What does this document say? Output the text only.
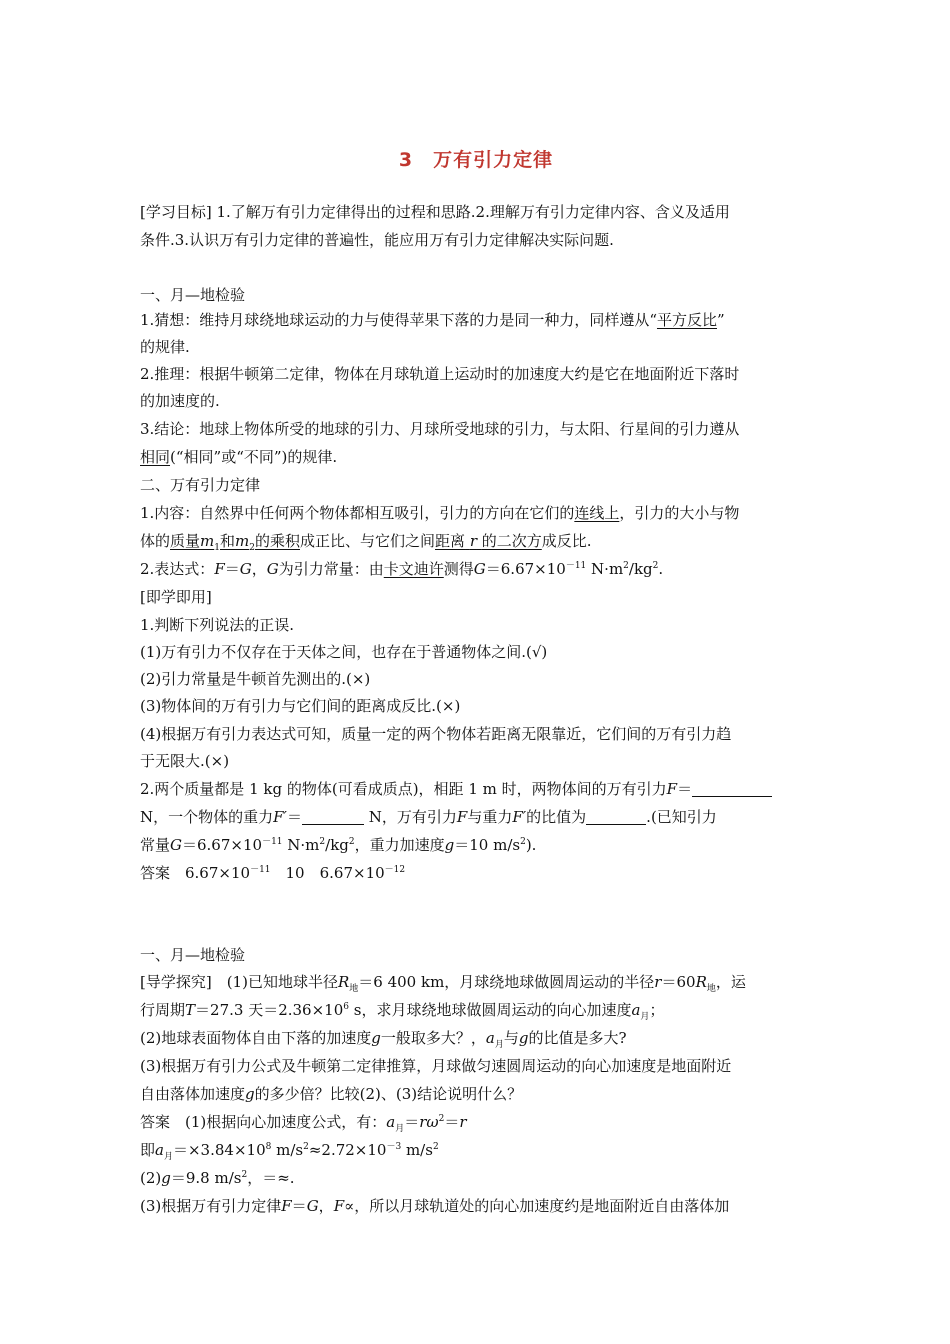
3　万有引力定律
[学习目标] 1.了解万有引力定律得出的过程和思路.2.理解万有引力定律内容、含义及适用
条件.3.认识万有引力定律的普遍性，能应用万有引力定律解决实际问题.
一、月—地检验
1.猜想：维持月球绕地球运动的力与使得苹果下落的力是同一种力，同样遵从“平方反比”
的规律.
2.推理：根据牛顿第二定律，物体在月球轨道上运动时的加速度大约是它在地面附近下落时
的加速度的.
3.结论：地球上物体所受的地球的引力、月球所受地球的引力，与太阳、行星间的引力遵从
相同(“相同”或“不同”)的规律.
二、万有引力定律
1.内容：自然界中任何两个物体都相互吸引，引力的方向在它们的连线上，引力的大小与物
体的质量$m_1$和$m_2$的乘积成正比、与它们之间距离 r 的二次方成反比.
2.表达式：F＝G，G为引力常量：由卡文迪许测得$G=6.67\times 10^{-11}$ $N\cdot m^2/kg^2$.
[即学即用]
1.判断下列说法的正误.
(1)万有引力不仅存在于天体之间，也存在于普通物体之间.(√)
(2)引力常量是牛顿首先测出的.(×)
(3)物体间的万有引力与它们间的距离成反比.(×)
(4)根据万有引力表达式可知，质量一定的两个物体若距离无限靠近，它们间的万有引力趋
于无限大.(×)
2.两个质量都是 1 kg 的物体(可看成质点)，相距 1 m 时，两物体间的万有引力F＝
N，一个物体的重力F′＝	N，万有引力F与重力F′的比值为	.(已知引力
常量$G=6.67\times 10^{-11}$ $N\cdot m^2/kg^2$，重力加速度g＝10 $m/s^2$).
答案　$6.67\times 10^{-11}$　10　$6.67\times 10^{-12}$
一、月—地检验
[导学探究]　(1)已知地球半径$R_地=6$ 400 km，月球绕地球做圆周运动的半径$r=60R_地$，运
行周期T＝27.3 天$=2.36\times 10^6$ s，求月球绕地球做圆周运动的向心加速度$a_月$；
(2)地球表面物体自由下落的加速度g一般取多大？，$a_月$与g的比值是多大?
(3)根据万有引力公式及牛顿第二定律推算，月球做匀速圆周运动的向心加速度是地面附近
自由落体加速度g的多少倍？比较(2)、(3)结论说明什么？
答案　(1)根据向心加速度公式，有：$a_月=r\omega^2=r$
即$a_月=\times 3.84\times 10^8$ $m/s^2\approx 2.72\times 10^{-3}$ $m/s^2$
(2)g＝9.8 $m/s^2$，＝≈.
(3)根据万有引力定律F＝G，F∝，所以月球轨道处的向心加速度约是地面附近自由落体加
